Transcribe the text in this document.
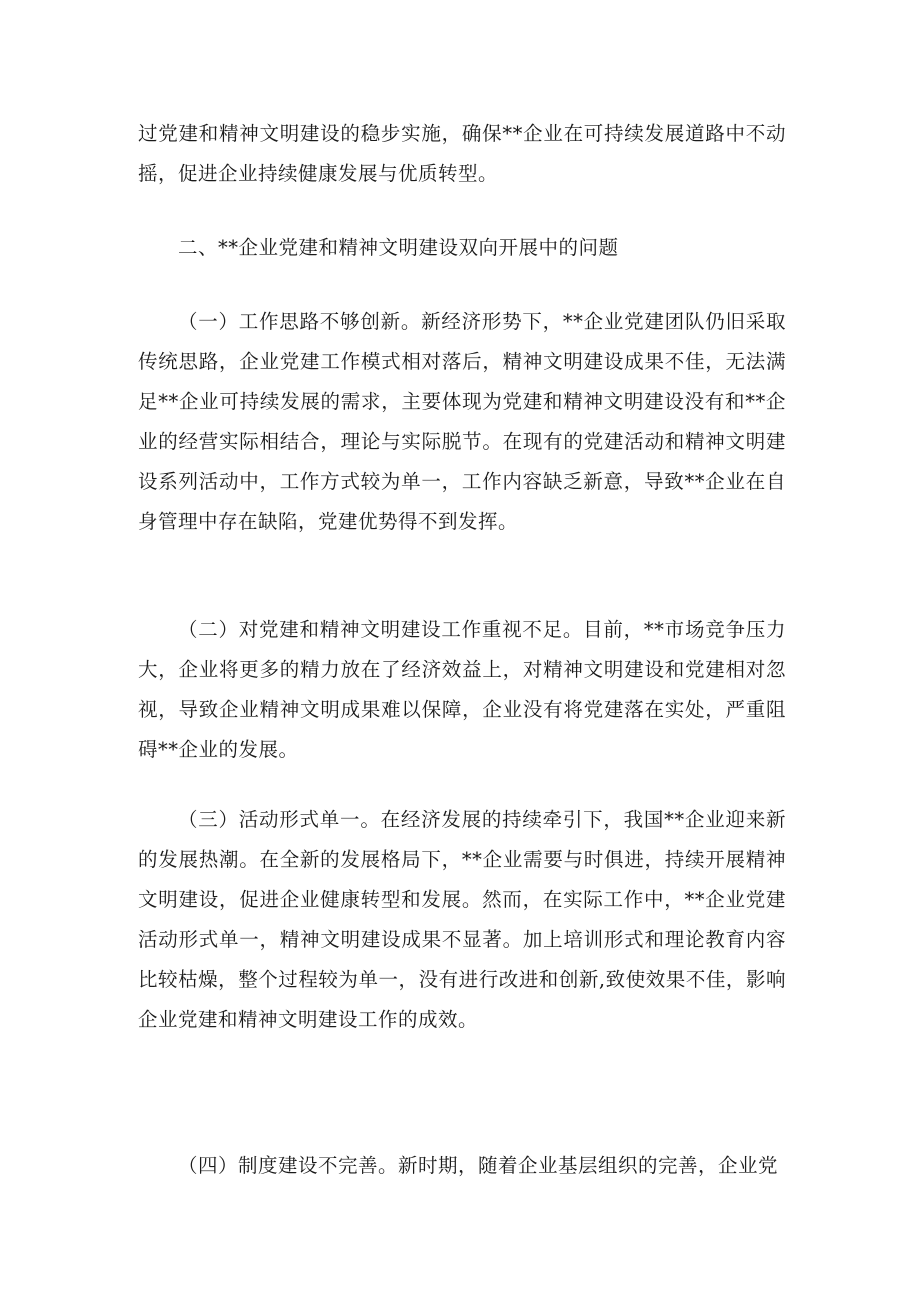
过党建和精神文明建设的稳步实施，确保**企业在可持续发展道路中不动摇，促进企业持续健康发展与优质转型。

二、**企业党建和精神文明建设双向开展中的问题

（一）工作思路不够创新。新经济形势下，**企业党建团队仍旧采取传统思路，企业党建工作模式相对落后，精神文明建设成果不佳，无法满足**企业可持续发展的需求，主要体现为党建和精神文明建设没有和**企业的经营实际相结合，理论与实际脱节。在现有的党建活动和精神文明建设系列活动中，工作方式较为单一，工作内容缺乏新意，导致**企业在自身管理中存在缺陷，党建优势得不到发挥。

（二）对党建和精神文明建设工作重视不足。目前，**市场竞争压力大，企业将更多的精力放在了经济效益上，对精神文明建设和党建相对忽视，导致企业精神文明成果难以保障，企业没有将党建落在实处，严重阻碍**企业的发展。

（三）活动形式单一。在经济发展的持续牵引下，我国**企业迎来新的发展热潮。在全新的发展格局下，**企业需要与时俱进，持续开展精神文明建设，促进企业健康转型和发展。然而，在实际工作中，**企业党建活动形式单一，精神文明建设成果不显著。加上培训形式和理论教育内容比较枯燥，整个过程较为单一，没有进行改进和创新,致使效果不佳，影响企业党建和精神文明建设工作的成效。

（四）制度建设不完善。新时期，随着企业基层组织的完善，企业党
